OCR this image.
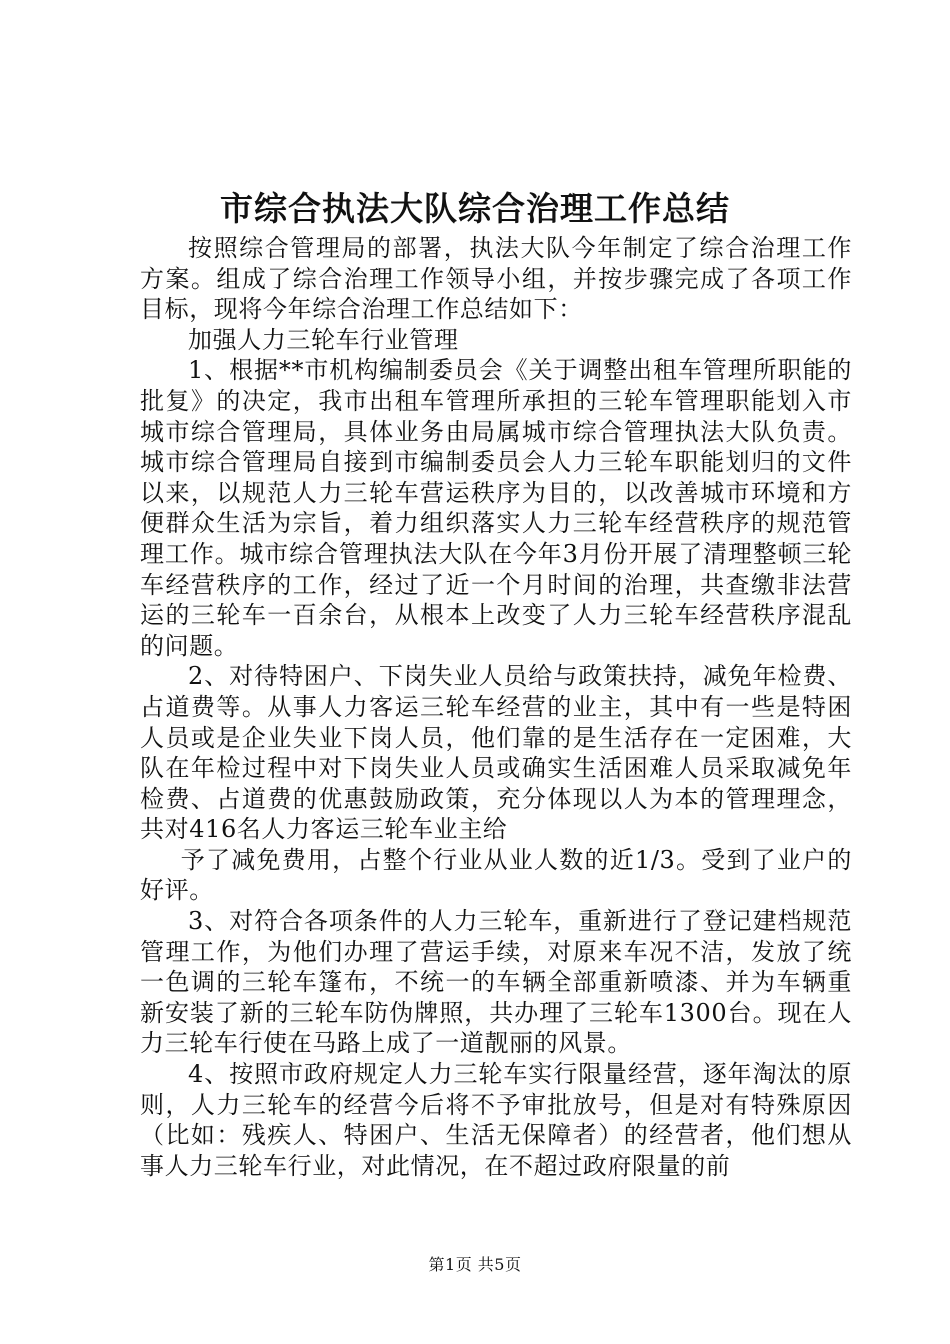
市综合执法大队综合治理工作总结

按照综合管理局的部署，执法大队今年制定了综合治理工作方案。组成了综合治理工作领导小组，并按步骤完成了各项工作目标，现将今年综合治理工作总结如下：

加强人力三轮车行业管理

1、根据**市机构编制委员会《关于调整出租车管理所职能的批复》的决定，我市出租车管理所承担的三轮车管理职能划入市城市综合管理局，具体业务由局属城市综合管理执法大队负责。城市综合管理局自接到市编制委员会人力三轮车职能划归的文件以来，以规范人力三轮车营运秩序为目的，以改善城市环境和方便群众生活为宗旨，着力组织落实人力三轮车经营秩序的规范管理工作。城市综合管理执法大队在今年3月份开展了清理整顿三轮车经营秩序的工作，经过了近一个月时间的治理，共查缴非法营运的三轮车一百余台，从根本上改变了人力三轮车经营秩序混乱的问题。

2、对待特困户、下岗失业人员给与政策扶持，减免年检费、占道费等。从事人力客运三轮车经营的业主，其中有一些是特困人员或是企业失业下岗人员，他们靠的是生活存在一定困难，大队在年检过程中对下岗失业人员或确实生活困难人员采取减免年检费、占道费的优惠鼓励政策，充分体现以人为本的管理理念，共对416名人力客运三轮车业主给

予了减免费用，占整个行业从业人数的近1/3。受到了业户的好评。

3、对符合各项条件的人力三轮车，重新进行了登记建档规范管理工作，为他们办理了营运手续，对原来车况不洁，发放了统一色调的三轮车篷布，不统一的车辆全部重新喷漆、并为车辆重新安装了新的三轮车防伪牌照，共办理了三轮车1300台。现在人力三轮车行使在马路上成了一道靓丽的风景。

4、按照市政府规定人力三轮车实行限量经营，逐年淘汰的原则，人力三轮车的经营今后将不予审批放号，但是对有特殊原因（比如：残疾人、特困户、生活无保障者）的经营者，他们想从事人力三轮车行业，对此情况，在不超过政府限量的前

第1页 共5页
